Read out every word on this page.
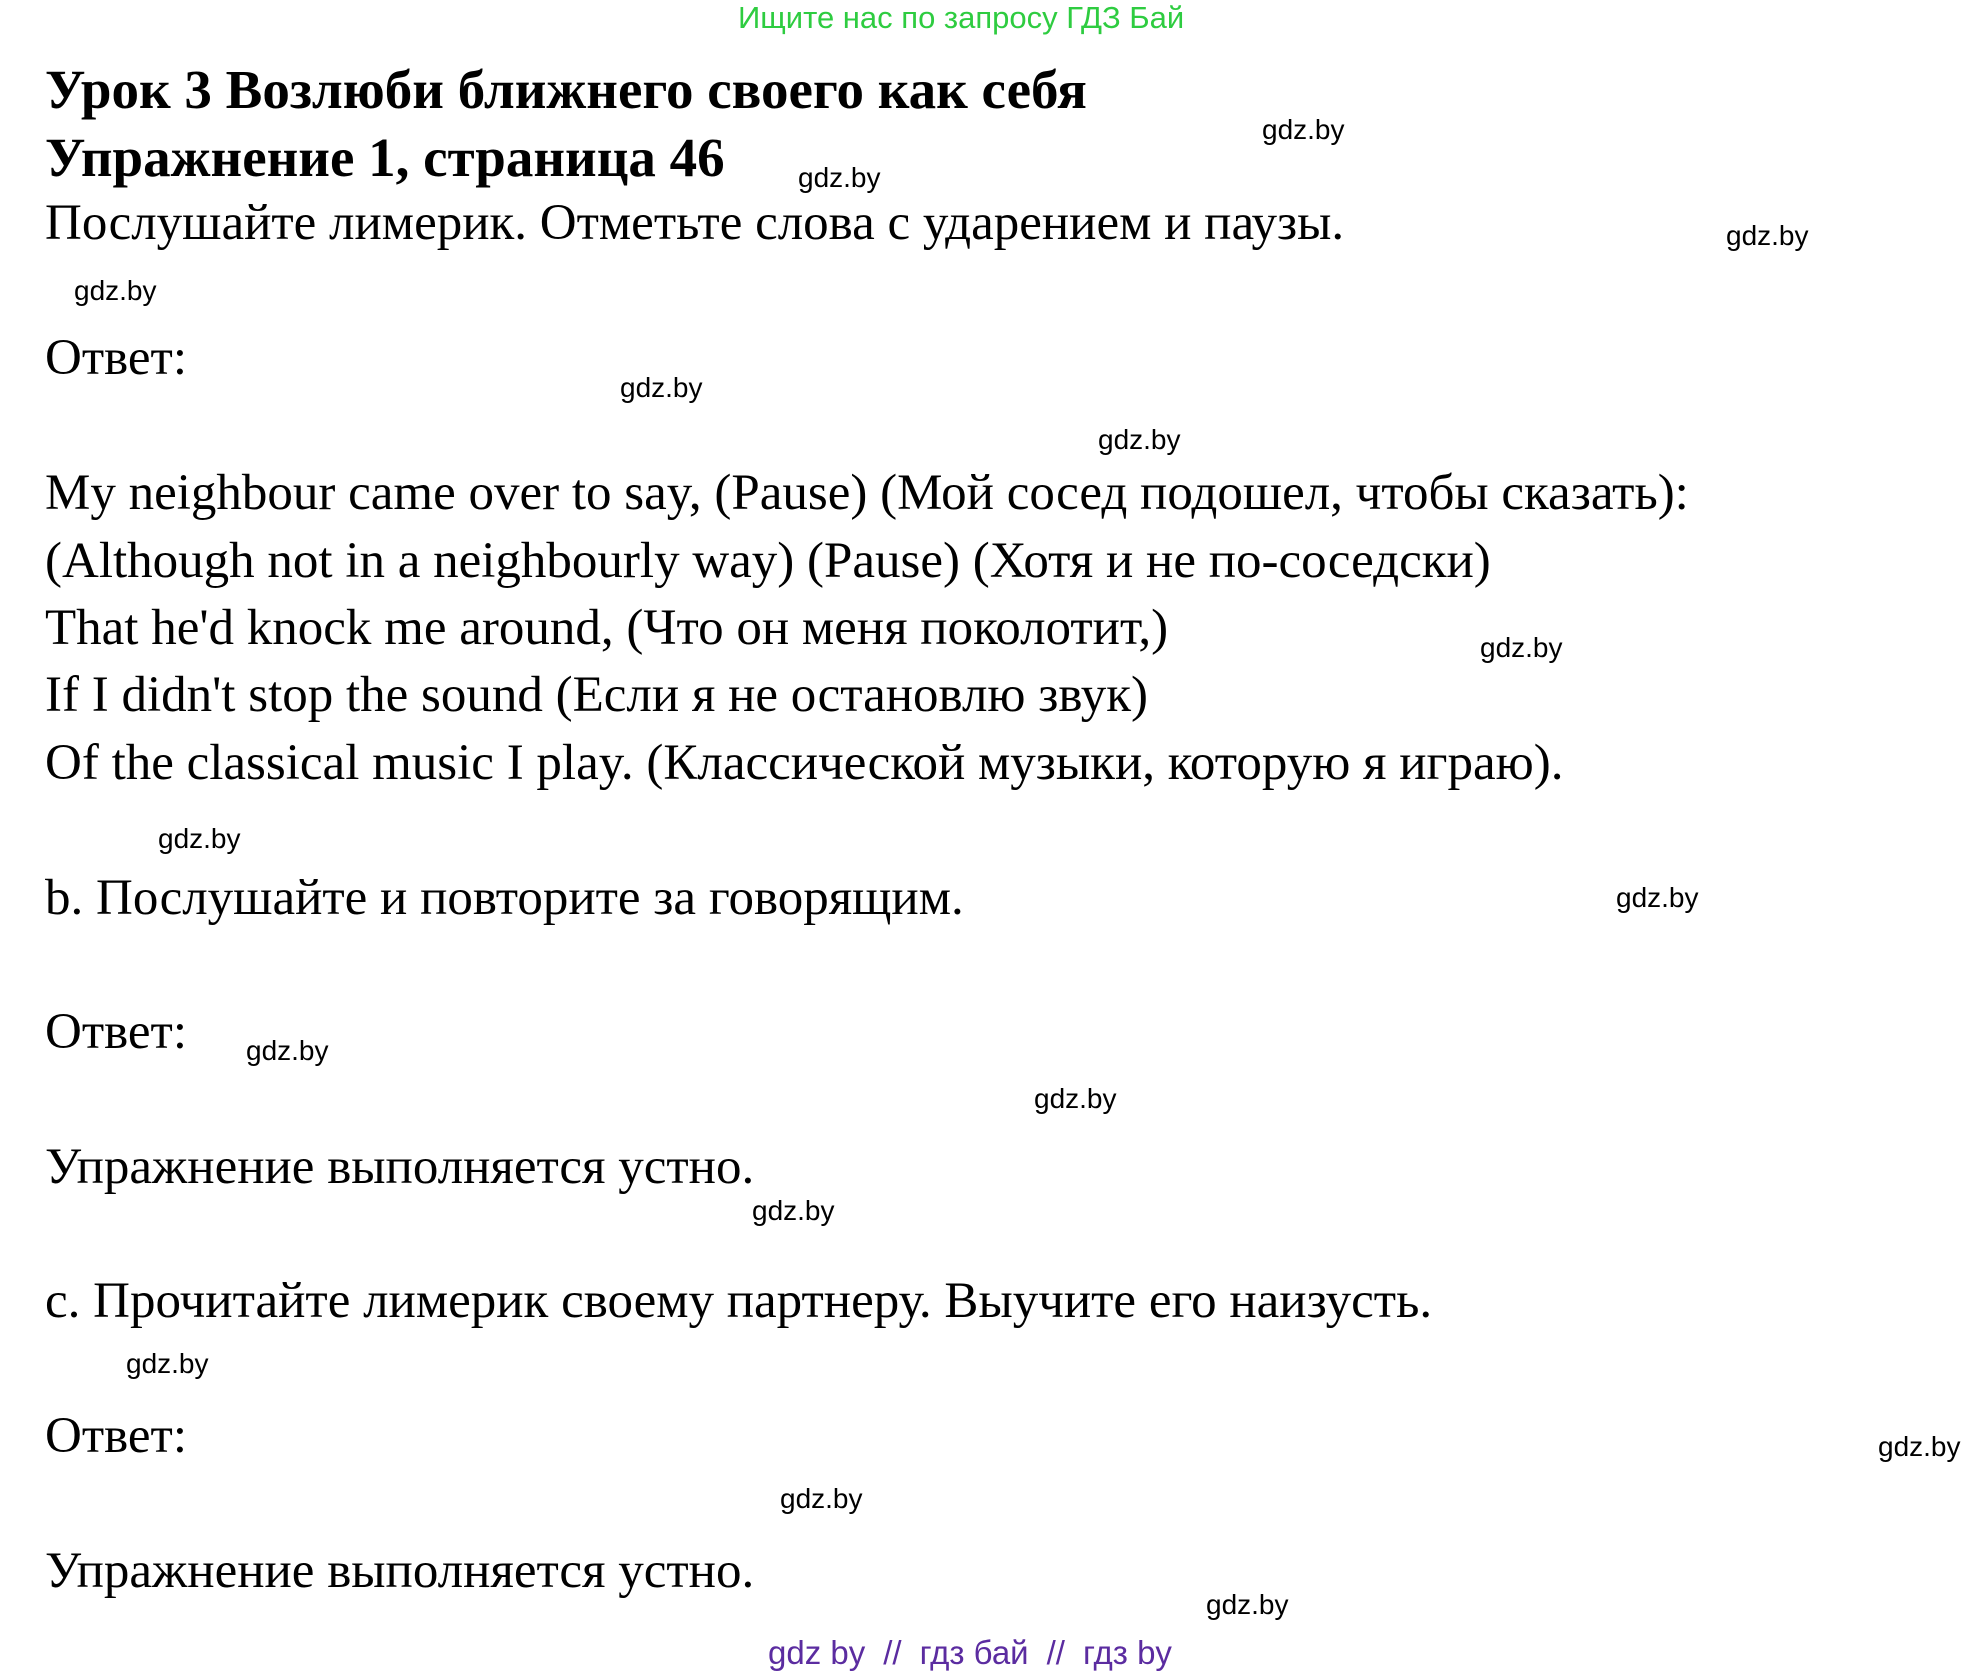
Ищите нас по запросу ГДЗ Бай
Урок 3 Возлюби ближнего своего как себя
Упражнение 1, страница 46
Послушайте лимерик. Отметьте слова с ударением и паузы.
Ответ:
My neighbour came over to say, (Pause) (Мой сосед подошел, чтобы сказать):
(Although not in a neighbourly way) (Pause) (Хотя и не по-соседски)
That he'd knock me around, (Что он меня поколотит,)
If I didn't stop the sound (Если я не остановлю звук)
Of the classical music I play. (Классической музыки, которую я играю).
b. Послушайте и повторите за говорящим.
Ответ:
Упражнение выполняется устно.
c. Прочитайте лимерик своему партнеру. Выучите его наизусть.
Ответ:
Упражнение выполняется устно.
gdz.by
gdz.by
gdz.by
gdz.by
gdz.by
gdz.by
gdz.by
gdz.by
gdz.by
gdz.by
gdz.by
gdz.by
gdz.by
gdz.by
gdz.by
gdz.by
gdz by // гдз бай // гдз by
